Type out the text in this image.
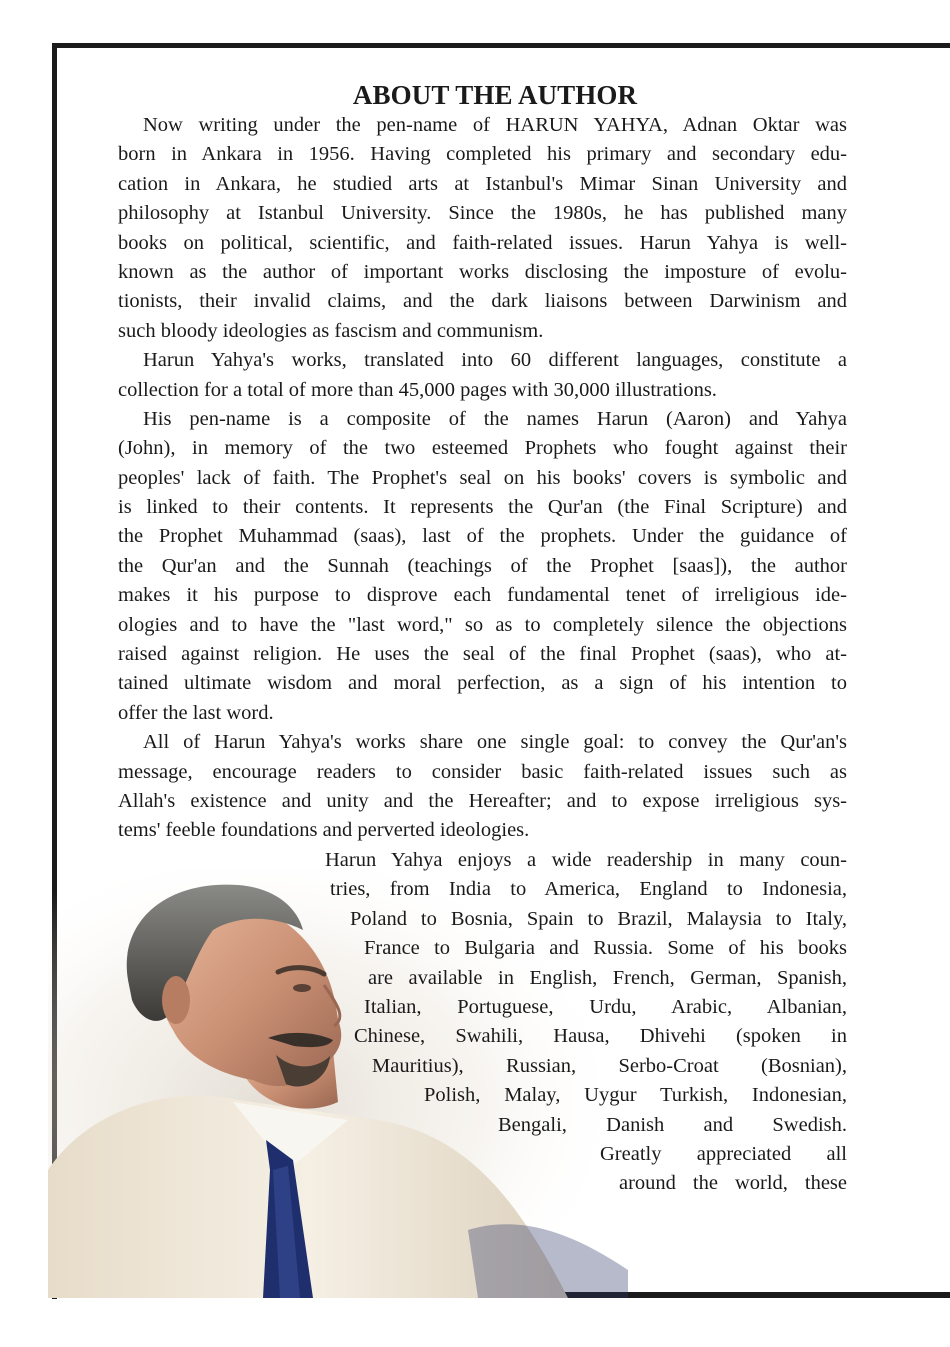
ABOUT THE AUTHOR
Now writing under the pen-name of HARUN YAHYA, Adnan Oktar was
born in Ankara in 1956. Having completed his primary and secondary edu-
cation in Ankara, he studied arts at Istanbul's Mimar Sinan University and
philosophy at Istanbul University. Since the 1980s, he has published many
books on political, scientific, and faith-related issues. Harun Yahya is well-
known as the author of important works disclosing the imposture of evolu-
tionists, their invalid claims, and the dark liaisons between Darwinism and
such bloody ideologies as fascism and communism.
Harun Yahya's works, translated into 60 different languages, constitute a
collection for a total of more than 45,000 pages with 30,000 illustrations.
His pen-name is a composite of the names Harun (Aaron) and Yahya
(John), in memory of the two esteemed Prophets who fought against their
peoples' lack of faith. The Prophet's seal on his books' covers is symbolic and
is linked to their contents. It represents the Qur'an (the Final Scripture) and
the Prophet Muhammad (saas), last of the prophets. Under the guidance of
the Qur'an and the Sunnah (teachings of the Prophet [saas]), the author
makes it his purpose to disprove each fundamental tenet of irreligious ide-
ologies and to have the "last word," so as to completely silence the objections
raised against religion. He uses the seal of the final Prophet (saas), who at-
tained ultimate wisdom and moral perfection, as a sign of his intention to
offer the last word.
All of Harun Yahya's works share one single goal: to convey the Qur'an's
message, encourage readers to consider basic faith-related issues such as
Allah's existence and unity and the Hereafter; and to expose irreligious sys-
tems' feeble foundations and perverted ideologies.
Harun Yahya enjoys a wide readership in many coun-
tries, from India to America, England to Indonesia,
Poland to Bosnia, Spain to Brazil, Malaysia to Italy,
France to Bulgaria and Russia. Some of his books
are available in English, French, German, Spanish,
Italian, Portuguese, Urdu, Arabic, Albanian,
Chinese, Swahili, Hausa, Dhivehi (spoken in
Mauritius), Russian, Serbo-Croat (Bosnian),
Polish, Malay, Uygur Turkish, Indonesian,
Bengali, Danish and Swedish.
Greatly appreciated all
around the world, these
